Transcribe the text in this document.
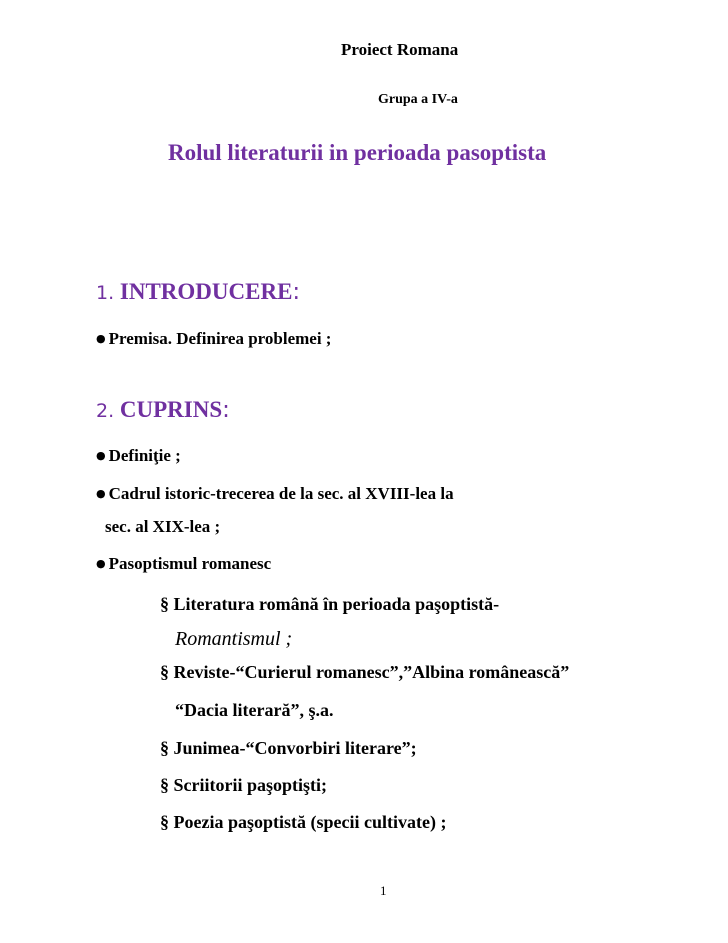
Proiect Romana
Grupa a IV-a
Rolul literaturii in perioada pasoptista
1. INTRODUCERE:
● Premisa. Definirea problemei ;
2. CUPRINS:
● Definiţie ;
● Cadrul istoric-trecerea de la sec. al XVIII-lea la
sec. al XIX-lea ;
● Pasoptismul romanesc
§ Literatura română în perioada paşoptistă-
Romantismul ;
§ Reviste-“Curierul romanesc”,”Albina românească”
“Dacia literară”, ş.a.
§ Junimea-“Convorbiri literare”;
§ Scriitorii paşoptişti;
§ Poezia paşoptistă (specii cultivate) ;
1
